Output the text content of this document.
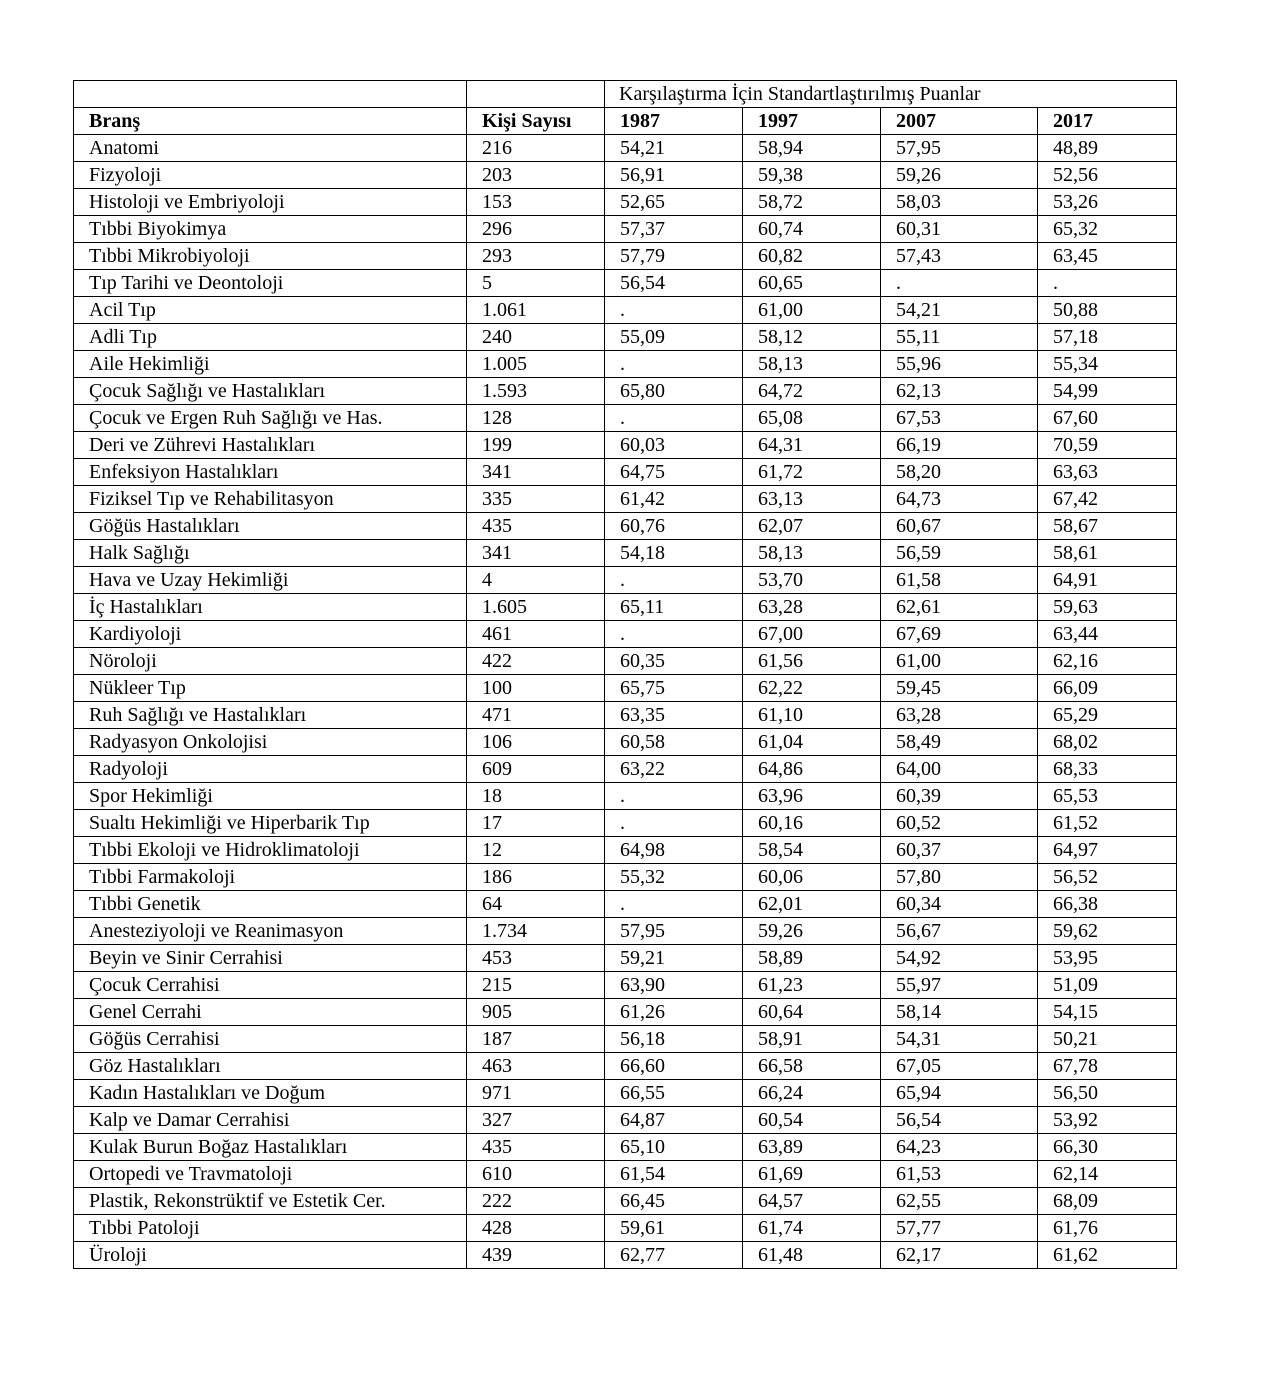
		Karşılaştırma İçin Standartlaştırılmış Puanlar			
Branş	Kişi Sayısı	1987	1997	2007	2017
Anatomi	216	54,21	58,94	57,95	48,89
Fizyoloji	203	56,91	59,38	59,26	52,56
Histoloji ve Embriyoloji	153	52,65	58,72	58,03	53,26
Tıbbi Biyokimya	296	57,37	60,74	60,31	65,32
Tıbbi Mikrobiyoloji	293	57,79	60,82	57,43	63,45
Tıp Tarihi ve Deontoloji	5	56,54	60,65	.	.
Acil Tıp	1.061	.	61,00	54,21	50,88
Adli Tıp	240	55,09	58,12	55,11	57,18
Aile Hekimliği	1.005	.	58,13	55,96	55,34
Çocuk Sağlığı ve Hastalıkları	1.593	65,80	64,72	62,13	54,99
Çocuk ve Ergen Ruh Sağlığı ve Has.	128	.	65,08	67,53	67,60
Deri ve Zührevi Hastalıkları	199	60,03	64,31	66,19	70,59
Enfeksiyon Hastalıkları	341	64,75	61,72	58,20	63,63
Fiziksel Tıp ve Rehabilitasyon	335	61,42	63,13	64,73	67,42
Göğüs Hastalıkları	435	60,76	62,07	60,67	58,67
Halk Sağlığı	341	54,18	58,13	56,59	58,61
Hava ve Uzay Hekimliği	4	.	53,70	61,58	64,91
İç Hastalıkları	1.605	65,11	63,28	62,61	59,63
Kardiyoloji	461	.	67,00	67,69	63,44
Nöroloji	422	60,35	61,56	61,00	62,16
Nükleer Tıp	100	65,75	62,22	59,45	66,09
Ruh Sağlığı ve Hastalıkları	471	63,35	61,10	63,28	65,29
Radyasyon Onkolojisi	106	60,58	61,04	58,49	68,02
Radyoloji	609	63,22	64,86	64,00	68,33
Spor Hekimliği	18	.	63,96	60,39	65,53
Sualtı Hekimliği ve Hiperbarik Tıp	17	.	60,16	60,52	61,52
Tıbbi Ekoloji ve Hidroklimatoloji	12	64,98	58,54	60,37	64,97
Tıbbi Farmakoloji	186	55,32	60,06	57,80	56,52
Tıbbi Genetik	64	.	62,01	60,34	66,38
Anesteziyoloji ve Reanimasyon	1.734	57,95	59,26	56,67	59,62
Beyin ve Sinir Cerrahisi	453	59,21	58,89	54,92	53,95
Çocuk Cerrahisi	215	63,90	61,23	55,97	51,09
Genel Cerrahi	905	61,26	60,64	58,14	54,15
Göğüs Cerrahisi	187	56,18	58,91	54,31	50,21
Göz Hastalıkları	463	66,60	66,58	67,05	67,78
Kadın Hastalıkları ve Doğum	971	66,55	66,24	65,94	56,50
Kalp ve Damar Cerrahisi	327	64,87	60,54	56,54	53,92
Kulak Burun Boğaz Hastalıkları	435	65,10	63,89	64,23	66,30
Ortopedi ve Travmatoloji	610	61,54	61,69	61,53	62,14
Plastik, Rekonstrüktif ve Estetik Cer.	222	66,45	64,57	62,55	68,09
Tıbbi Patoloji	428	59,61	61,74	57,77	61,76
Üroloji	439	62,77	61,48	62,17	61,62
